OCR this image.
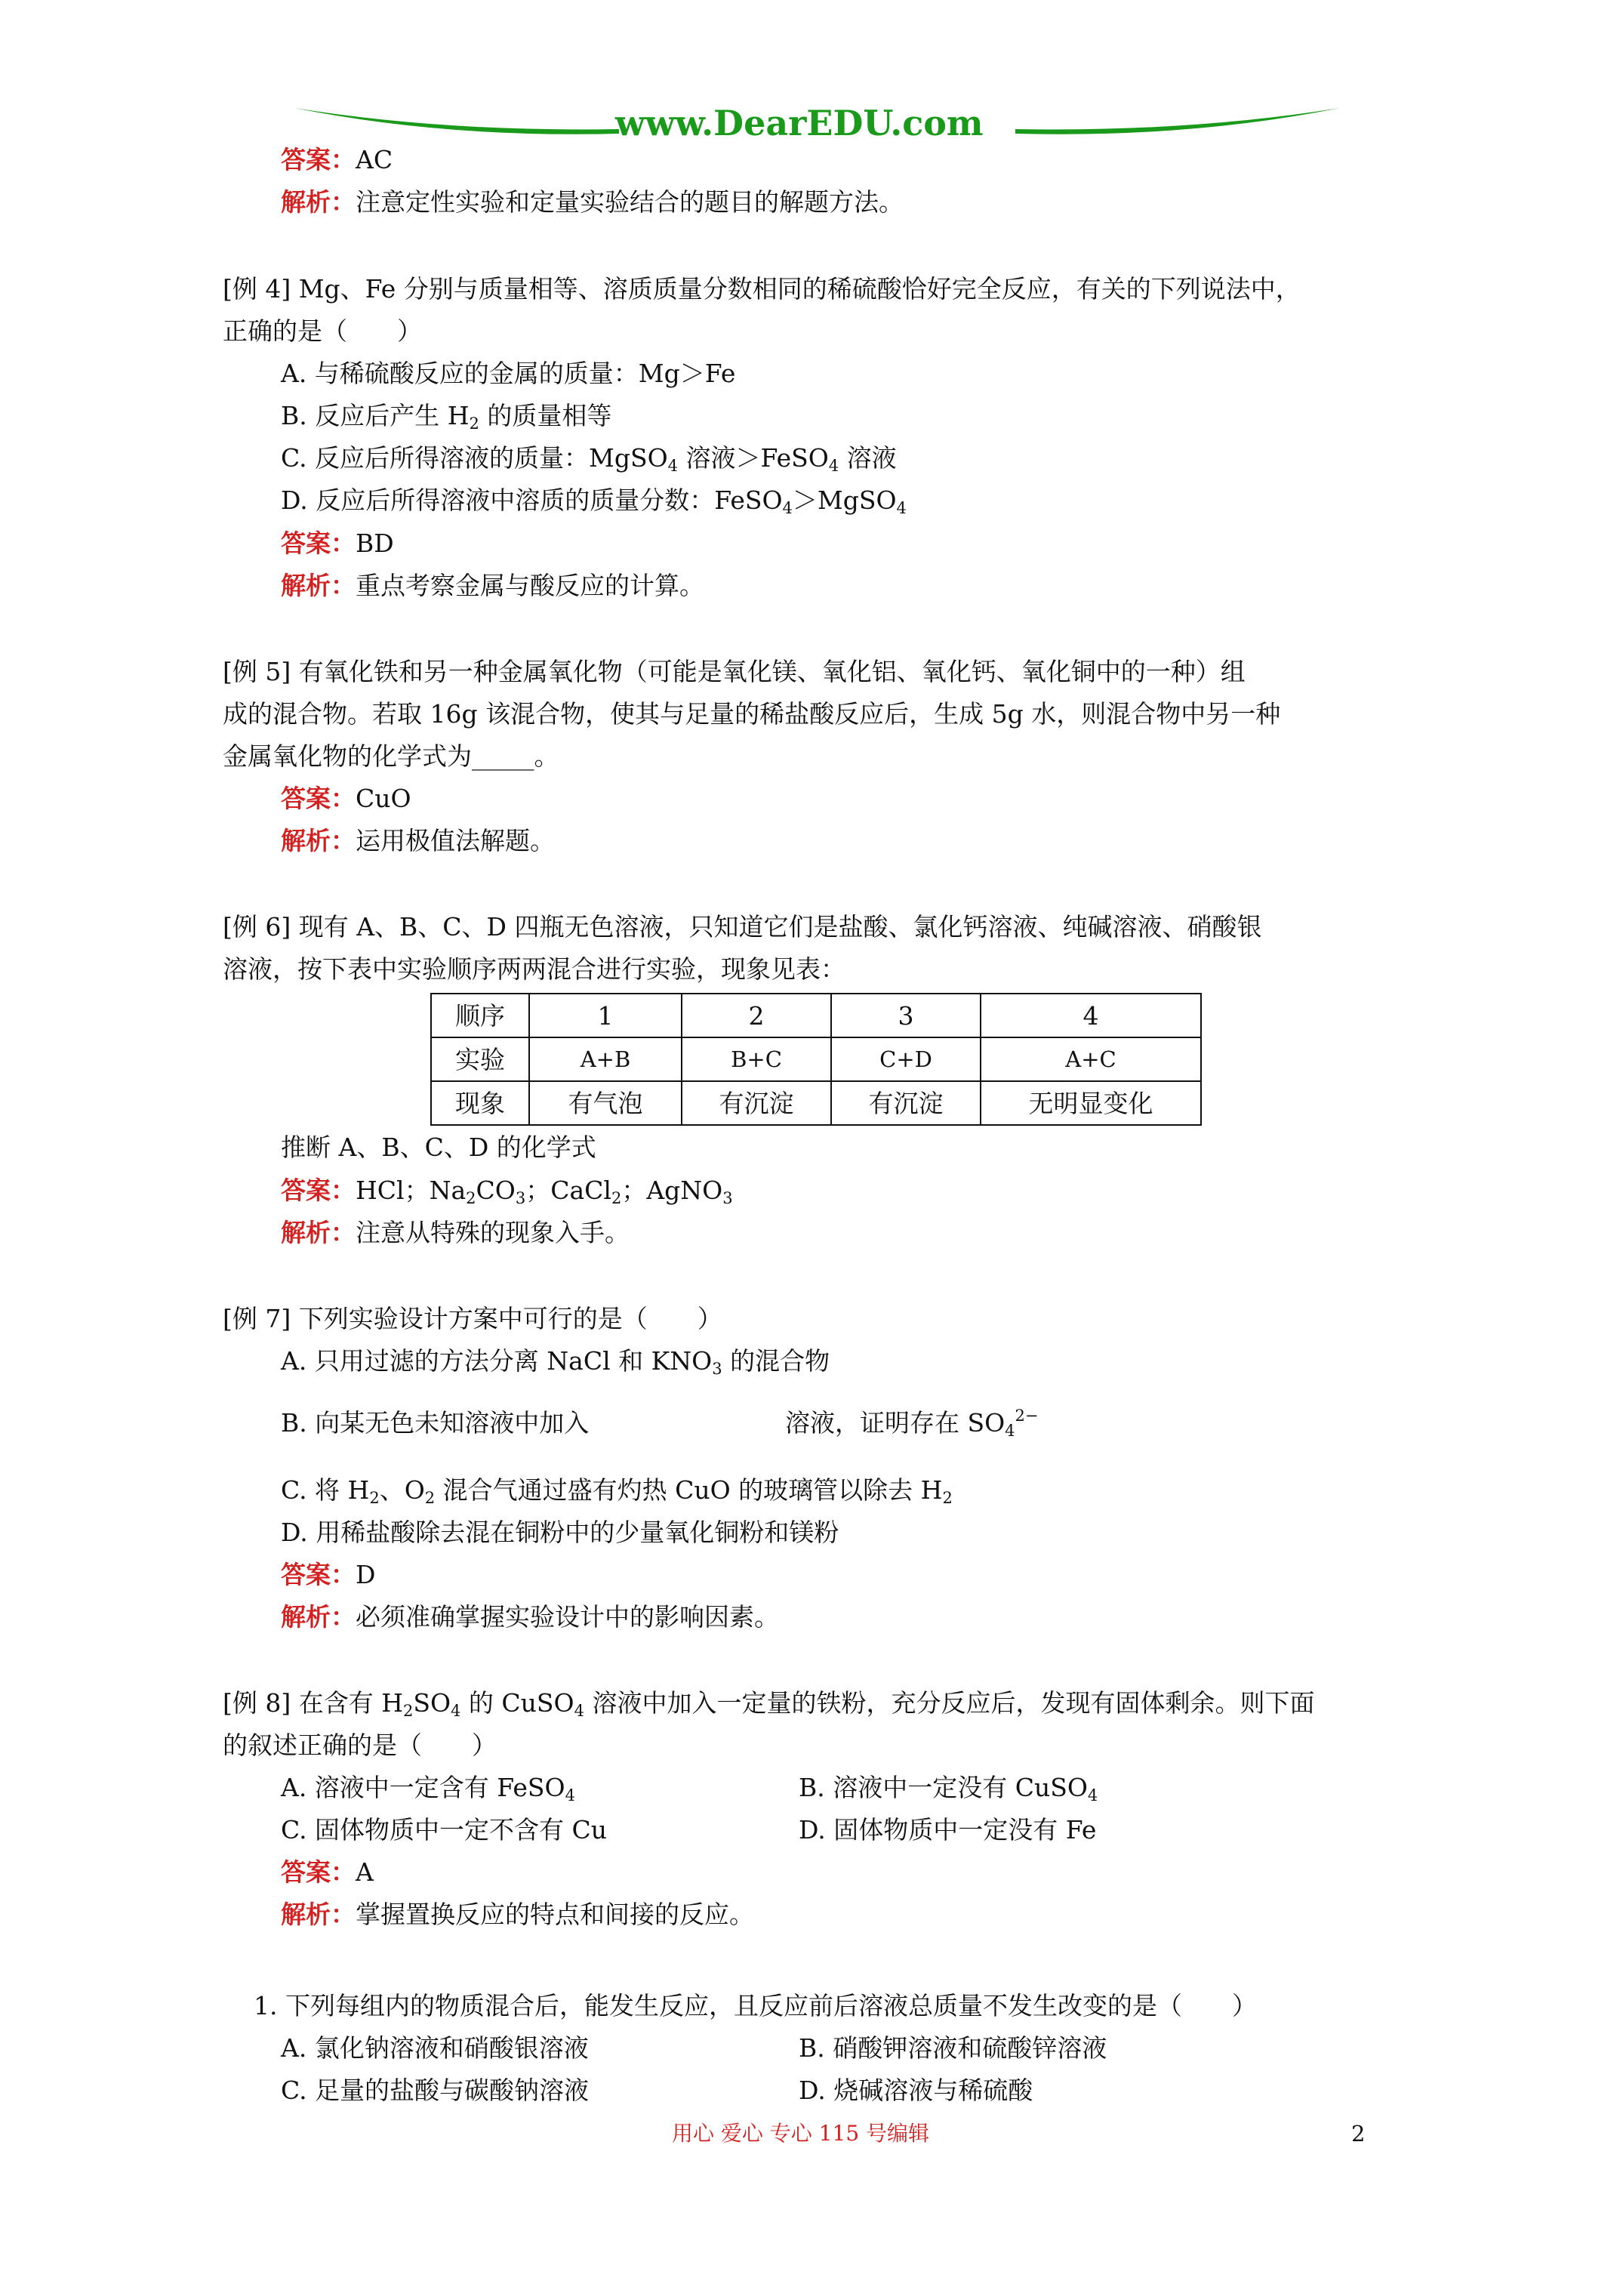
www.DearEDU.com
答案：AC
解析：注意定性实验和定量实验结合的题目的解题方法。
[例 4] Mg、Fe 分别与质量相等、溶质质量分数相同的稀硫酸恰好完全反应，有关的下列说法中，
正确的是（　　）
A. 与稀硫酸反应的金属的质量：Mg＞Fe
B. 反应后产生 $H_2$ 的质量相等
C. 反应后所得溶液的质量：MgSO$_4$ 溶液＞FeSO$_4$ 溶液
D. 反应后所得溶液中溶质的质量分数：FeSO$_4$＞MgSO$_4$
答案：BD
解析：重点考察金属与酸反应的计算。
[例 5] 有氧化铁和另一种金属氧化物（可能是氧化镁、氧化铝、氧化钙、氧化铜中的一种）组
成的混合物。若取 16g 该混合物，使其与足量的稀盐酸反应后，生成 5g 水，则混合物中另一种
金属氧化物的化学式为_____。
答案：CuO
解析：运用极值法解题。
[例 6] 现有 A、B、C、D 四瓶无色溶液，只知道它们是盐酸、氯化钙溶液、纯碱溶液、硝酸银
溶液，按下表中实验顺序两两混合进行实验，现象见表：
顺序	1	2	3	4
实验	A+B	B+C	C+D	A+C
现象	有气泡	有沉淀	有沉淀	无明显变化
推断 A、B、C、D 的化学式
答案：HCl；$Na_2CO_3$；CaCl$_2$；AgNO$_3$
解析：注意从特殊的现象入手。
[例 7] 下列实验设计方案中可行的是（　　）
A. 只用过滤的方法分离 NaCl 和 $KNO_3$ 的混合物
B. 向某无色未知溶液中加入	溶液，证明存在 $SO_4^{2-}$
C. 将 $H_2$、$O_2$ 混合气通过盛有灼热 CuO 的玻璃管以除去 $H_2$
D. 用稀盐酸除去混在铜粉中的少量氧化铜粉和镁粉
答案：D
解析：必须准确掌握实验设计中的影响因素。
[例 8] 在含有 $H_2SO_4$ 的 CuSO$_4$ 溶液中加入一定量的铁粉，充分反应后，发现有固体剩余。则下面
的叙述正确的是（　　）
A. 溶液中一定含有 FeSO$_4$	B. 溶液中一定没有 CuSO$_4$
C. 固体物质中一定不含有 Cu	D. 固体物质中一定没有 Fe
答案：A
解析：掌握置换反应的特点和间接的反应。
1. 下列每组内的物质混合后，能发生反应，且反应前后溶液总质量不发生改变的是（　　）
A. 氯化钠溶液和硝酸银溶液	B. 硝酸钾溶液和硫酸锌溶液
C. 足量的盐酸与碳酸钠溶液	D. 烧碱溶液与稀硫酸
用心 爱心 专心 115 号编辑	2
